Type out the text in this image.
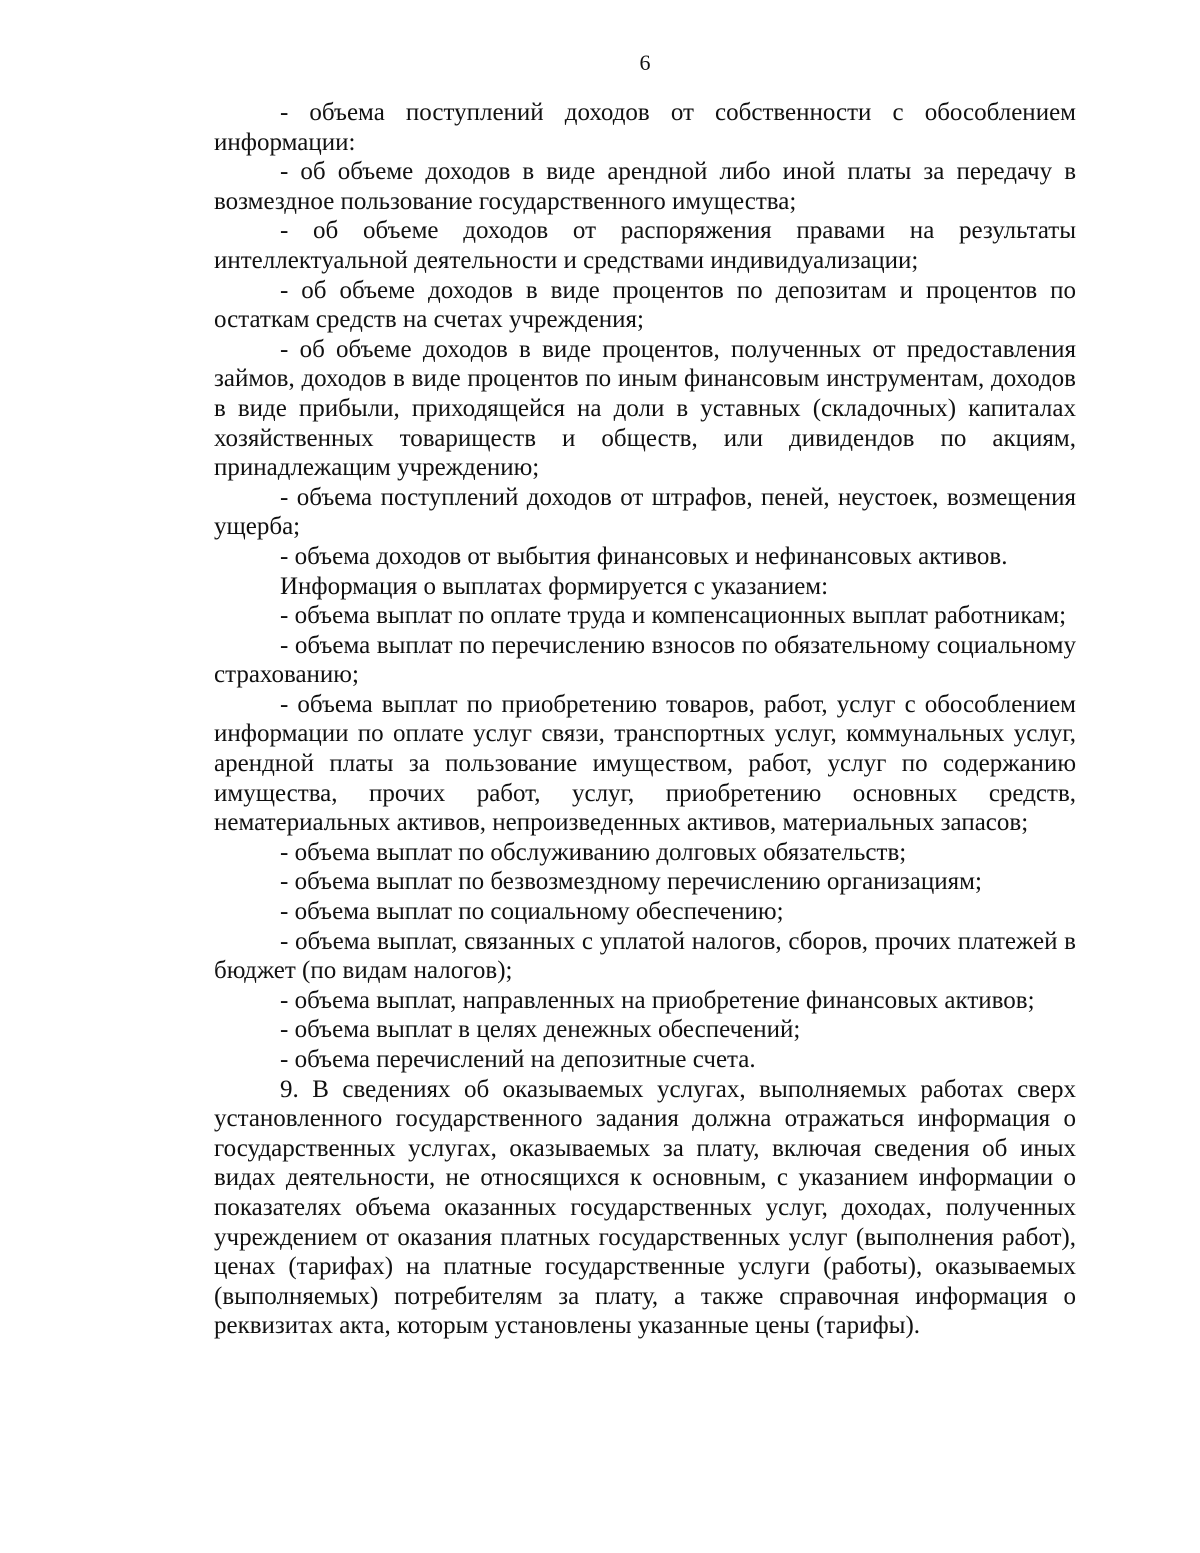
6

- объема поступлений доходов от собственности с обособлением информации:

- об объеме доходов в виде арендной либо иной платы за передачу в возмездное пользование государственного имущества;

- об объеме доходов от распоряжения правами на результаты интеллектуальной деятельности и средствами индивидуализации;

- об объеме доходов в виде процентов по депозитам и процентов по остаткам средств на счетах учреждения;

- об объеме доходов в виде процентов, полученных от предоставления займов, доходов в виде процентов по иным финансовым инструментам, доходов в виде прибыли, приходящейся на доли в уставных (складочных) капиталах хозяйственных товариществ и обществ, или дивидендов по акциям, принадлежащим учреждению;

- объема поступлений доходов от штрафов, пеней, неустоек, возмещения ущерба;

- объема доходов от выбытия финансовых и нефинансовых активов.

Информация о выплатах формируется с указанием:

- объема выплат по оплате труда и компенсационных выплат работникам;

- объема выплат по перечислению взносов по обязательному социальному страхованию;

- объема выплат по приобретению товаров, работ, услуг с обособлением информации по оплате услуг связи, транспортных услуг, коммунальных услуг, арендной платы за пользование имуществом, работ, услуг по содержанию имущества, прочих работ, услуг, приобретению основных средств, нематериальных активов, непроизведенных активов, материальных запасов;

- объема выплат по обслуживанию долговых обязательств;

- объема выплат по безвозмездному перечислению организациям;

- объема выплат по социальному обеспечению;

- объема выплат, связанных с уплатой налогов, сборов, прочих платежей в бюджет (по видам налогов);

- объема выплат, направленных на приобретение финансовых активов;

- объема выплат в целях денежных обеспечений;

- объема перечислений на депозитные счета.

9. В сведениях об оказываемых услугах, выполняемых работах сверх установленного государственного задания должна отражаться информация о государственных услугах, оказываемых за плату, включая сведения об иных видах деятельности, не относящихся к основным, с указанием информации о показателях объема оказанных государственных услуг, доходах, полученных учреждением от оказания платных государственных услуг (выполнения работ), ценах (тарифах) на платные государственные услуги (работы), оказываемых (выполняемых) потребителям за плату, а также справочная информация о реквизитах акта, которым установлены указанные цены (тарифы).
